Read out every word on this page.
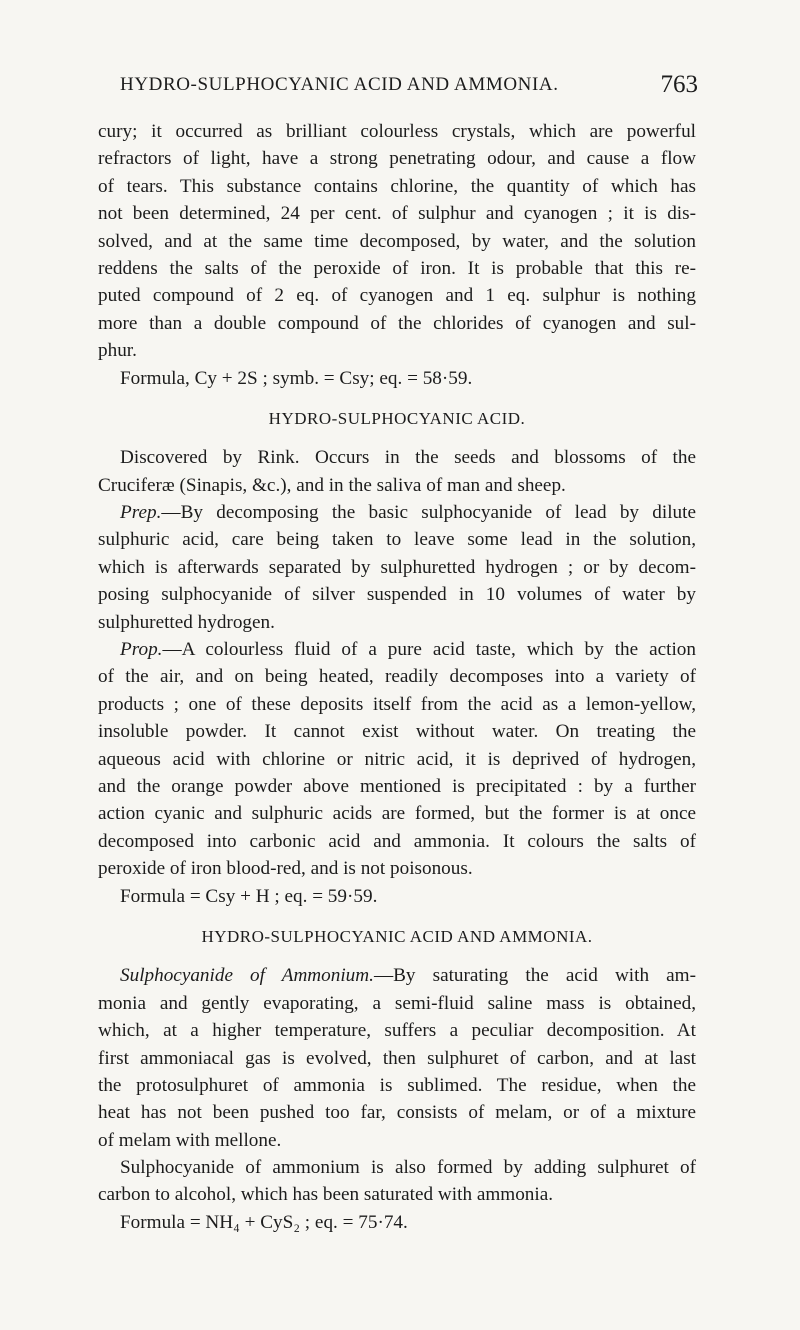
HYDRO-SULPHOCYANIC ACID AND AMMONIA.	763
cury; it occurred as brilliant colourless crystals, which are powerful
refractors of light, have a strong penetrating odour, and cause a flow
of tears. This substance contains chlorine, the quantity of which has
not been determined, 24 per cent. of sulphur and cyanogen ; it is dis-
solved, and at the same time decomposed, by water, and the solution
reddens the salts of the peroxide of iron. It is probable that this re-
puted compound of 2 eq. of cyanogen and 1 eq. sulphur is nothing
more than a double compound of the chlorides of cyanogen and sul-
phur.
Formula, Cy + 2S ; symb. = Csy; eq. = 58·59.
HYDRO-SULPHOCYANIC ACID.
Discovered by Rink. Occurs in the seeds and blossoms of the
Cruciferæ (Sinapis, &c.), and in the saliva of man and sheep.
Prep.—By decomposing the basic sulphocyanide of lead by dilute
sulphuric acid, care being taken to leave some lead in the solution,
which is afterwards separated by sulphuretted hydrogen ; or by decom-
posing sulphocyanide of silver suspended in 10 volumes of water by
sulphuretted hydrogen.
Prop.—A colourless fluid of a pure acid taste, which by the action
of the air, and on being heated, readily decomposes into a variety of
products ; one of these deposits itself from the acid as a lemon-yellow,
insoluble powder. It cannot exist without water. On treating the
aqueous acid with chlorine or nitric acid, it is deprived of hydrogen,
and the orange powder above mentioned is precipitated : by a further
action cyanic and sulphuric acids are formed, but the former is at once
decomposed into carbonic acid and ammonia. It colours the salts of
peroxide of iron blood-red, and is not poisonous.
Formula = Csy + H ; eq. = 59·59.
HYDRO-SULPHOCYANIC ACID AND AMMONIA.
Sulphocyanide of Ammonium.—By saturating the acid with am-
monia and gently evaporating, a semi-fluid saline mass is obtained,
which, at a higher temperature, suffers a peculiar decomposition. At
first ammoniacal gas is evolved, then sulphuret of carbon, and at last
the protosulphuret of ammonia is sublimed. The residue, when the
heat has not been pushed too far, consists of melam, or of a mixture
of melam with mellone.
Sulphocyanide of ammonium is also formed by adding sulphuret of
carbon to alcohol, which has been saturated with ammonia.
Formula = NH₄ + CyS₂ ; eq. = 75·74.
